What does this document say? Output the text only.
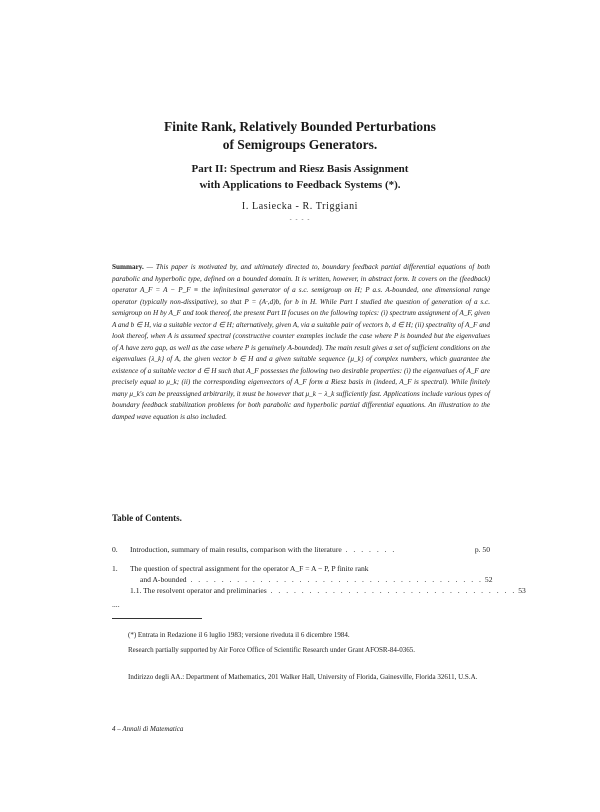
Finite Rank, Relatively Bounded Perturbations
of Semigroups Generators.
Part II: Spectrum and Riesz Basis Assignment
with Applications to Feedback Systems (*).
I. Lasiecka - R. Triggiani
- - - -
Summary. — This paper is motivated by, and ultimately directed to, boundary feedback partial differential equations of both parabolic and hyperbolic type, defined on a bounded domain. It is written, however, in abstract form. It covers on the (feedback) operator A_F = A − P_F ≡ the infinitesimal generator of a s.c. semigroup on H; P a.s. A-bounded, one dimensional range operator (typically non-dissipative), so that P = (A·,d)b, for b in H. While Part I studied the question of generation of a s.c. semigroup on H by A_F and took thereof, the present Part II focuses on the following topics: (i) spectrum assignment of A_F, given A and b ∈ H, via a suitable vector d ∈ H; alternatively, given A, via a suitable pair of vectors b, d ∈ H; (ii) spectrality of A_F and look thereof, when A is assumed spectral (constructive counter examples include the case where P is bounded but the eigenvalues of A have zero gap, as well as the case where P is genuinely A-bounded). The main result gives a set of sufficient conditions on the eigenvalues {λ_k} of A, the given vector b ∈ H and a given suitable sequence {μ_k} of complex numbers, which guarantee the existence of a suitable vector d ∈ H such that A_F possesses the following two desirable properties: (i) the eigenvalues of A_F are precisely equal to μ_k; (ii) the corresponding eigenvectors of A_F form a Riesz basis in (indeed, A_F is spectral). While finitely many μ_k's can be preassigned arbitrarily, it must be however that μ_k − λ_k sufficiently fast. Applications include various types of boundary feedback stabilization problems for both parabolic and hyperbolic partial differential equations. An illustration to the damped wave equation is also included.
Table of Contents.
0.	Introduction, summary of main results, comparison with the literature . . . . . . .	p. 50
1.	The question of spectral assignment for the operator A_F = A − P, P finite rank
and A-bounded . . . . . . . . . . . . . . . . . . . . . . . . . . . . . . . . . . . . . . 52
1.1. The resolvent operator and preliminaries . . . . . . . . . . . . . . . . . . . . . . . . . . . . . . . . 53
....
(*) Entrata in Redazione il 6 luglio 1983; versione riveduta il 6 dicembre 1984.
Research partially supported by Air Force Office of Scientific Research under Grant AFOSR-84-0365.
Indirizzo degli AA.: Department of Mathematics, 201 Walker Hall, University of Florida, Gainesville, Florida 32611, U.S.A.
4 – Annali di Matematica
